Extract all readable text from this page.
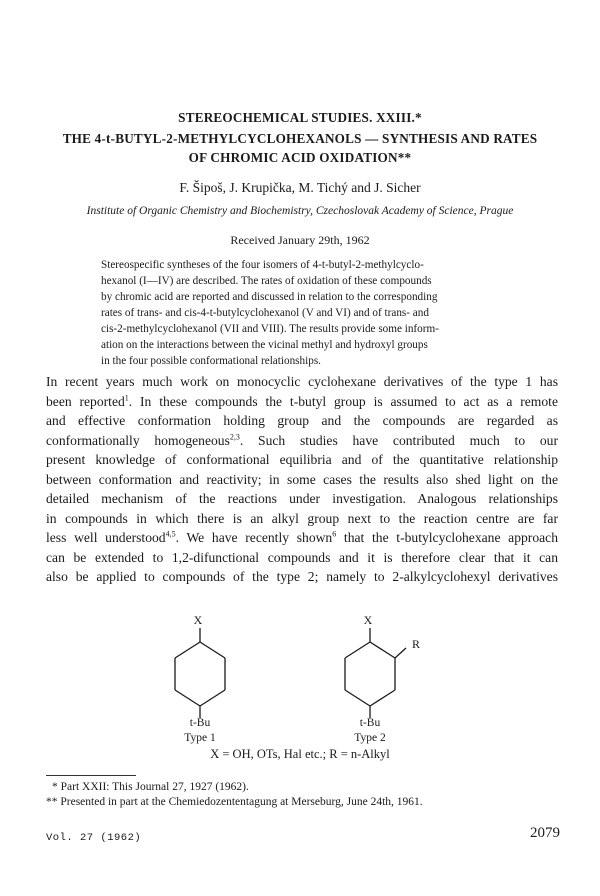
STEREOCHEMICAL STUDIES. XXIII.*
THE 4-t-BUTYL-2-METHYLCYCLOHEXANOLS — SYNTHESIS AND RATES
OF CHROMIC ACID OXIDATION**
F. Šipoš, J. Krupička, M. Tichý and J. Sicher
Institute of Organic Chemistry and Biochemistry, Czechoslovak Academy of Science, Prague
Received January 29th, 1962
Stereospecific syntheses of the four isomers of 4-t-butyl-2-methylcyclo-
hexanol (I—IV) are described. The rates of oxidation of these compounds
by chromic acid are reported and discussed in relation to the corresponding
rates of trans- and cis-4-t-butylcyclohexanol (V and VI) and of trans- and
cis-2-methylcyclohexanol (VII and VIII). The results provide some inform-
ation on the interactions between the vicinal methyl and hydroxyl groups
in the four possible conformational relationships.
In recent years much work on monocyclic cyclohexane derivatives of the type 1 has
been reported$^1$. In these compounds the t-butyl group is assumed to act as a remote
and effective conformation holding group and the compounds are regarded as
conformationally homogeneous$^{2,3}$. Such studies have contributed much to our
present knowledge of conformational equilibria and of the quantitative relationship
between conformation and reactivity; in some cases the results also shed light on the
detailed mechanism of the reactions under investigation. Analogous relationships
in compounds in which there is an alkyl group next to the reaction centre are far
less well understood$^{4,5}$. We have recently shown$^6$ that the t-butylcyclohexane approach
can be extended to 1,2-difunctional compounds and it is therefore clear that it can
also be applied to compounds of the type 2; namely to 2-alkylcyclohexyl derivatives
X	X
R
t-Bu
Type 1
t-Bu
Type 2
X = OH, OTs, Hal etc.; R = n-Alkyl
* Part XXII: This Journal 27, 1927 (1962).
** Presented in part at the Chemiedozententagung at Merseburg, June 24th, 1961.
Vol. 27 (1962)	2079
